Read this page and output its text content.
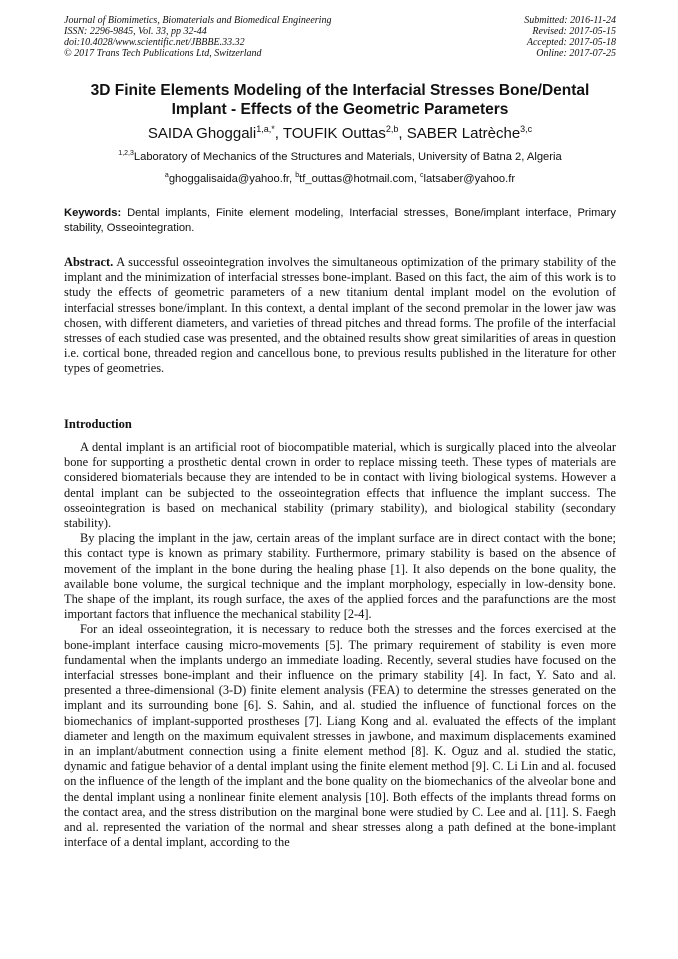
Journal of Biomimetics, Biomaterials and Biomedical Engineering
ISSN: 2296-9845, Vol. 33, pp 32-44
doi:10.4028/www.scientific.net/JBBBE.33.32
© 2017 Trans Tech Publications Ltd, Switzerland
Submitted: 2016-11-24
Revised: 2017-05-15
Accepted: 2017-05-18
Online: 2017-07-25
3D Finite Elements Modeling of the Interfacial Stresses Bone/Dental Implant - Effects of the Geometric Parameters
SAIDA Ghoggali$^{1,a,*}$, TOUFIK Outtas$^{2,b}$, SABER Latrèche$^{3,c}$
$^{1,2,3}$Laboratory of Mechanics of the Structures and Materials, University of Batna 2, Algeria
$^a$ghoggalisaida@yahoo.fr, $^b$tf_outtas@hotmail.com, $^c$latsaber@yahoo.fr
Keywords: Dental implants, Finite element modeling, Interfacial stresses, Bone/implant interface, Primary stability, Osseointegration.

Abstract. A successful osseointegration involves the simultaneous optimization of the primary stability of the implant and the minimization of interfacial stresses bone-implant. Based on this fact, the aim of this work is to study the effects of geometric parameters of a new titanium dental implant model on the evolution of interfacial stresses bone/implant. In this context, a dental implant of the second premolar in the lower jaw was chosen, with different diameters, and varieties of thread pitches and thread forms. The profile of the interfacial stresses of each studied case was presented, and the obtained results show great similarities of areas in question i.e. cortical bone, threaded region and cancellous bone, to previous results published in the literature for other types of geometries.

Introduction

A dental implant is an artificial root of biocompatible material, which is surgically placed into the alveolar bone for supporting a prosthetic dental crown in order to replace missing teeth. These types of materials are considered biomaterials because they are intended to be in contact with living biological systems. However a dental implant can be subjected to the osseointegration effects that influence the implant success. The osseointegration is based on mechanical stability (primary stability), and biological stability (secondary stability).

By placing the implant in the jaw, certain areas of the implant surface are in direct contact with the bone; this contact type is known as primary stability. Furthermore, primary stability is based on the absence of movement of the implant in the bone during the healing phase [1]. It also depends on the bone quality, the available bone volume, the surgical technique and the implant morphology, especially in low-density bone. The shape of the implant, its rough surface, the axes of the applied forces and the parafunctions are the most important factors that influence the mechanical stability [2-4].

For an ideal osseointegration, it is necessary to reduce both the stresses and the forces exercised at the bone-implant interface causing micro-movements [5]. The primary requirement of stability is even more fundamental when the implants undergo an immediate loading. Recently, several studies have focused on the interfacial stresses bone-implant and their influence on the primary stability [4]. In fact, Y. Sato and al. presented a three-dimensional (3-D) finite element analysis (FEA) to determine the stresses generated on the implant and its surrounding bone [6]. S. Sahin, and al. studied the influence of functional forces on the biomechanics of implant-supported prostheses [7]. Liang Kong and al. evaluated the effects of the implant diameter and length on the maximum equivalent stresses in jawbone, and maximum displacements examined in an implant/abutment connection using a finite element method [8]. K. Oguz and al. studied the static, dynamic and fatigue behavior of a dental implant using the finite element method [9]. C. Li Lin and al. focused on the influence of the length of the implant and the bone quality on the biomechanics of the alveolar bone and the dental implant using a nonlinear finite element analysis [10]. Both effects of the implants thread forms on the contact area, and the stress distribution on the marginal bone were studied by C. Lee and al. [11]. S. Faegh and al. represented the variation of the normal and shear stresses along a path defined at the bone-implant interface of a dental implant, according to the
